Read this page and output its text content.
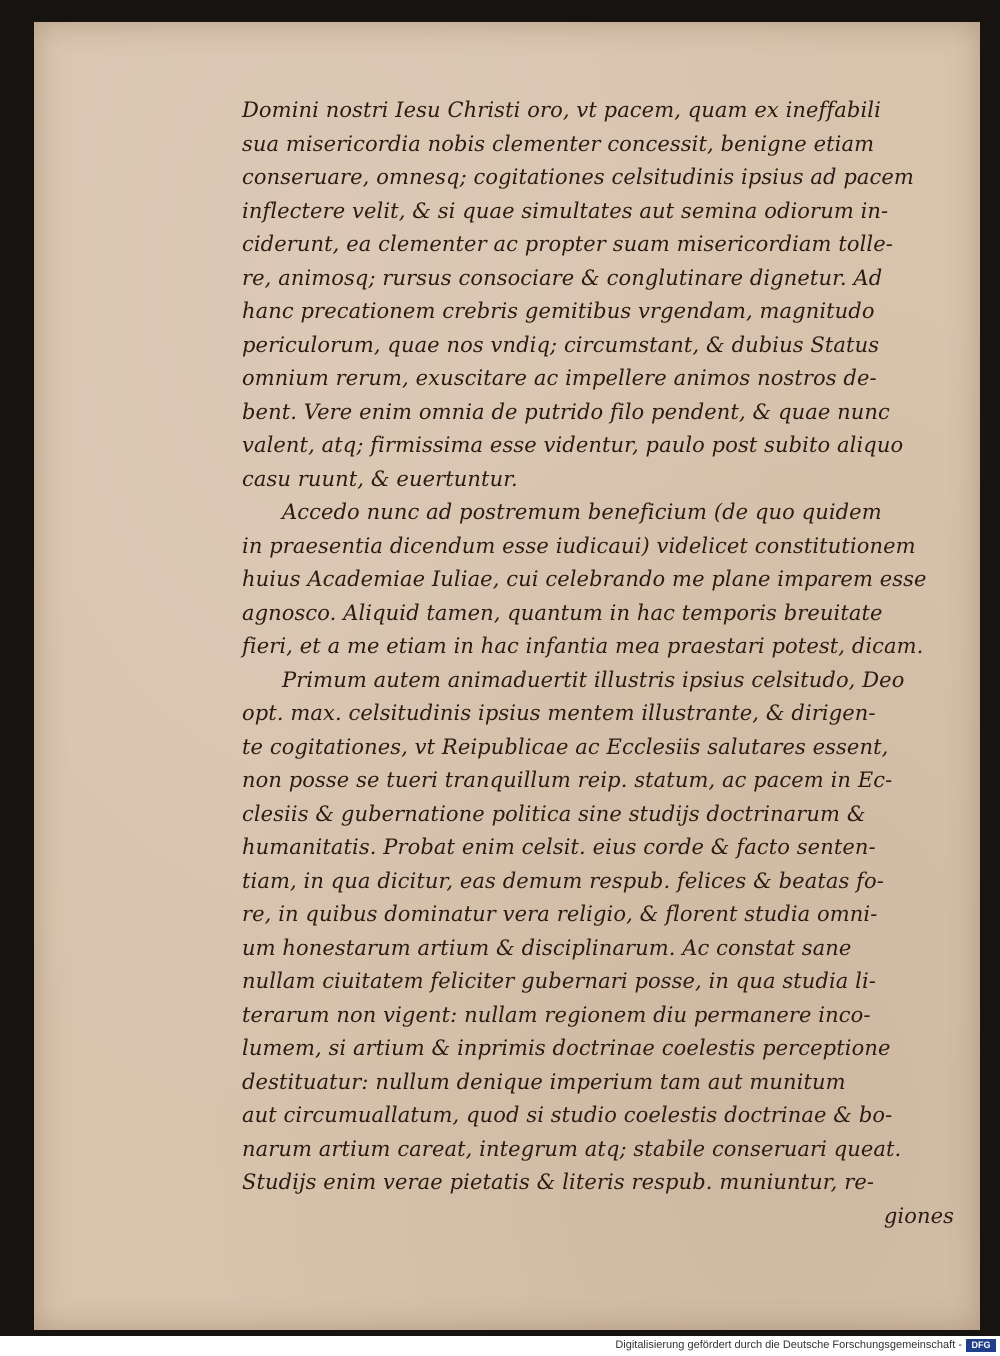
Domini nostri Iesu Christi oro, vt pacem, quam ex ineffabili
sua misericordia nobis clementer concessit, benigne etiam
conseruare, omnesq; cogitationes celsitudinis ipsius ad pacem
inflectere velit, & si quae simultates aut semina odiorum in-
ciderunt, ea clementer ac propter suam misericordiam tolle-
re, animosq; rursus consociare & conglutinare dignetur. Ad
hanc precationem crebris gemitibus vrgendam, magnitudo
periculorum, quae nos vndiq; circumstant, & dubius Status
omnium rerum, exuscitare ac impellere animos nostros de-
bent. Vere enim omnia de putrido filo pendent, & quae nunc
valent, atq; firmissima esse videntur, paulo post subito aliquo
casu ruunt, & euertuntur.
Accedo nunc ad postremum beneficium (de quo quidem
in praesentia dicendum esse iudicaui) videlicet constitutionem
huius Academiae Iuliae, cui celebrando me plane imparem esse
agnosco. Aliquid tamen, quantum in hac temporis breuitate
fieri, et a me etiam in hac infantia mea praestari potest, dicam.
Primum autem animaduertit illustris ipsius celsitudo, Deo
opt. max. celsitudinis ipsius mentem illustrante, & dirigen-
te cogitationes, vt Reipublicae ac Ecclesiis salutares essent,
non posse se tueri tranquillum reip. statum, ac pacem in Ec-
clesiis & gubernatione politica sine studijs doctrinarum &
humanitatis. Probat enim celsit. eius corde & facto senten-
tiam, in qua dicitur, eas demum respub. felices & beatas fo-
re, in quibus dominatur vera religio, & florent studia omni-
um honestarum artium & disciplinarum. Ac constat sane
nullam ciuitatem feliciter gubernari posse, in qua studia li-
terarum non vigent: nullam regionem diu permanere inco-
lumem, si artium & inprimis doctrinae coelestis perceptione
destituatur: nullum denique imperium tam aut munitum
aut circumuallatum, quod si studio coelestis doctrinae & bo-
narum artium careat, integrum atq; stabile conseruari queat.
Studijs enim verae pietatis & literis respub. muniuntur, re-
giones
Digitalisierung gefördert durch die Deutsche Forschungsgemeinschaft -	DFG
